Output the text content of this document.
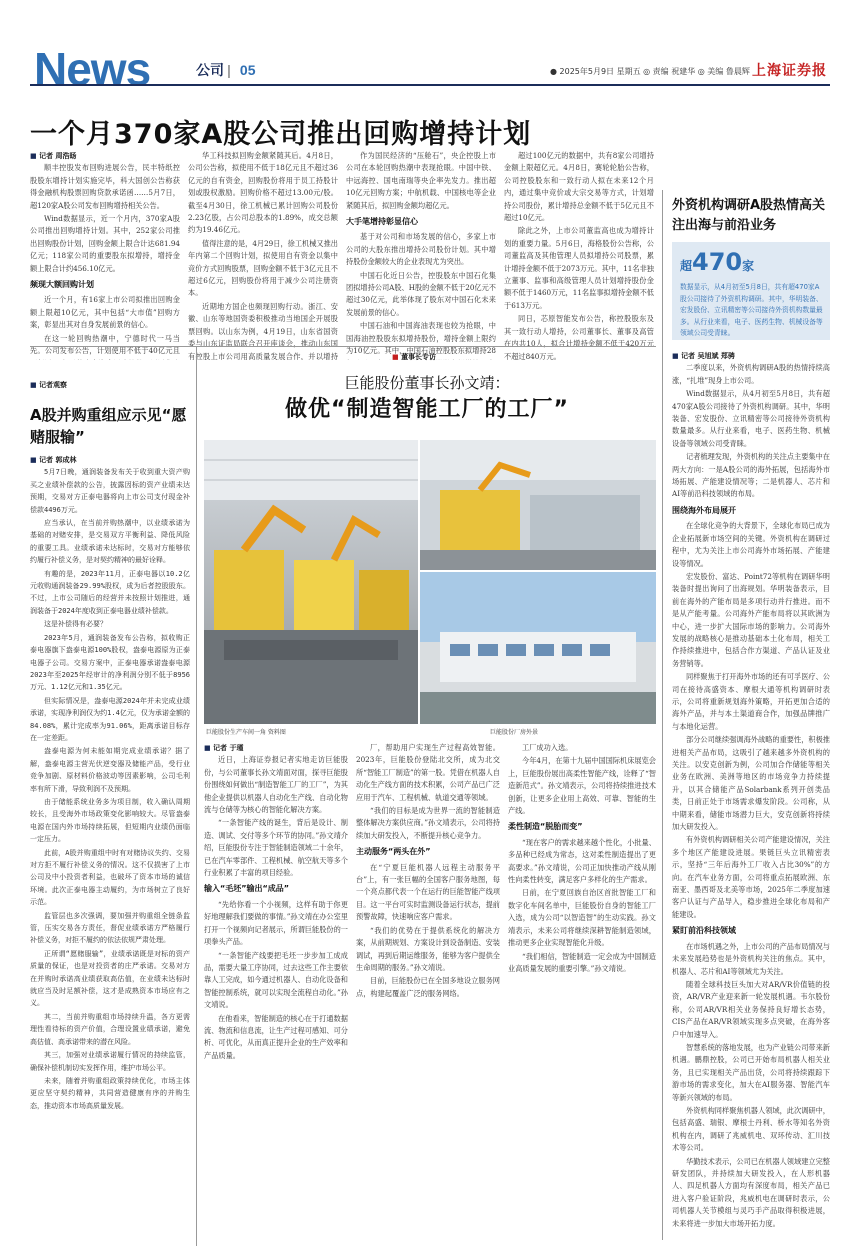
News	公司 | 05	● 2025年5月9日 星期五 ◎ 责编 祝建华 ◎ 美编 鲁晨辉 上海证券报
一个月370家A股公司推出回购增持计划
■ 记者 周浩旸

顺丰控股发布回购进展公告，民丰特纸控股股东增持计划实施完毕，科大国创公告称获得金融机构股票回购贷款承诺函……5月7日，超120家A股公司发布回购增持相关公告。

Wind数据显示，近一个月内，370家A股公司推出回购增持计划。其中，252家公司推出回购股份计划，回购金额上限合计达681.94亿元；118家公司的重要股东拟增持，增持金额上限合计约456.10亿元。

频现大额回购计划

近一个月，有16家上市公司拟推出回购金额上限超10亿元，其中包括“大市值”回购方案，彰显出其对自身发展前景的信心。

在这一轮回购热潮中，宁德时代一马当先。公司发布公告，计划使用不低于40亿元且

华工科技拟回购金额紧随其后。4月8日，公司公告称，拟使用不低于18亿元且不超过36亿元的自有资金，回购股份将用于员工持股计划或股权激励。回购价格不超过13.00元/股。截至4月30日，徐工机械已累计回购公司股份2.23亿股，占公司总股本的1.89%，成交总额约为19.46亿元。

值得注意的是，4月29日，徐工机械又推出年内第二个回购计划，拟使用自有资金以集中竞价方式回购股票，回购金额不低于3亿元且不超过6亿元，回购股份将用于减少公司注册资本。

近期地方国企也频现回购行动。浙江、安徽、山东等地国资委积极推动当地国企开展股票回购。以山东为例，4月19日，山东省国资委与山东证监局联合召开座谈会，推动山东国有控股上市公司用高质量发展合作，并以增持

作为国民经济的“压舱石”，央企控股上市公司在本轮回购热潮中表现抢眼。中国中铁、中远海控、国电南瑞等央企率先发力。推出超10亿元回购方案；中航机载、中国核电等企业紧随其后，拟回购金额均超亿元。

大手笔增持彰显信心

基于对公司和市场发展的信心，多家上市公司的大股东推出增持公司股份计划。其中增持股份金额较大的企业表现尤为突出。

中国石化近日公告，控股股东中国石化集团拟增持公司A股、H股的金额不低于20亿元不超过30亿元，此举体现了股东对中国石化未来发展前景的信心。

中国石油和中国海油表现也较为抢眼，中国海油控股股东拟增持股份，增持金额上限约为10亿元。其中，中国石油控股股东拟增持28

超过100亿元的数据中，共有8家公司增持金额上限超亿元。4月8日，赛轮轮胎公告称，公司控股股东和一致行动人拟在未来12个月内，通过集中竞价或大宗交易等方式，计划增持公司股份，累计增持总金额不低于5亿元且不超过10亿元。

除此之外，上市公司董监高也成为增持计划的重要力量。5月6日，海格股份公告称，公司董监高及其他管理人员拟增持公司股票，累计增持金额不低于2073万元。其中，11名非独立董事、监事和高级管理人员计划增持股份金额不低于1460万元，11名监事拟增持金额不低于613万元。

同日，芯原智能发布公告，称控股股东及其一致行动人增持，公司董事长、董事及高管在内共10人，拟合计增持金额不低于420万元不超过840万元。

外资机构调研A股热情高关注出海与前沿业务
超470家
数据显示，从4月初至5月8日，共有超470家A股公司接待了外资机构调研。其中，华明装备、宏发股份、立讯精密等公司接待外资机构数量最多。从行业来看，电子、医药生物、机械设备等领域公司受青睐。
■ 记者 吴旭斌 郑骋

二季度以来，外资机构调研A股的热情持续高涨，“扎堆”现身上市公司。

Wind数据显示，从4月初至5月8日，共有超470家A股公司接待了外资机构调研。其中，华明装备、宏发股份、立讯精密等公司接待外资机构数量最多。从行业来看，电子、医药生物、机械设备等领域公司受青睐。

记者梳理发现，外资机构的关注点主要集中在两大方向：一是A股公司的海外拓展，包括海外市场拓展、产能建设情况等；二是机器人、芯片和AI等前沿科技领域的布局。

围绕海外布局展开

在全球化竞争的大背景下，全球化布局已成为企业拓展新市场空间的关键。外资机构在调研过程中，尤为关注上市公司海外市场拓展、产能建设等情况。

宏发股份、富达、Point72等机构在调研华明装备时提出询问了出海规划。华明装备表示，目前在海外的产能布局是多项行动并行推进。而不是从产能考量。公司海外产能布局将以其欧洲为中心，进一步扩大国际市场的影响力。公司海外发展的战略核心是推动基础本土化布局，相关工作持续推进中，包括合作方渠道、产品认证及业务营销等。

同样聚焦于打开海外市场的还有可孚医疗、公司在接待高盛资本、摩根大通等机构调研时表示，公司将重新规划海外策略，开拓更加合适的海外产品，并与本土渠道商合作，加强品牌推广与本地化运营。

部分公司继续强调海外战略的重要性，积极推进相关产品布局，这吸引了越来越多外资机构的关注。以安克创新为例，公司加合作储能等相关业务在欧洲、美洲等地区的市场竞争力持续提升，以其合储能产品Solarbank系列开创类品类，日前正处于市场需求爆发阶段。公司称，从中期来看，储能市场潜力巨大，安克创新将持续加大研发投入。

有外资机构调研相关公司产能建设情况，关注多个地区产能建设进展。果链巨头立讯精密表示，坚持“三年后海外工厂收入占比30%”的方向。在汽车业务方面，公司将重点拓展欧洲、东南亚、墨西哥及北美等市场，2025年二季度加速客户认证与产品导入，稳步推进全球化布局和产能建设。

紧盯前沿科技领域

在市场机遇之外，上市公司的产品布局情况与未来发展趋势也是外资机构关注的焦点。其中，机器人、芯片和AI等领域尤为关注。

随着全球科技巨头加大对AR/VR价值链的投资，AR/VR产业迎来新一轮发展机遇。韦尔股份称，公司AR/VR相关业务保持良好增长态势，CIS产品在AR/VR领域实现多点突破，在海外客户中加速导入。

智慧系统的落地发展，也为产业链公司带来新机遇。鹏鼎控股，公司已开始布局机器人相关业务，且已实现相关产品出货，公司将持续跟踪下游市场的需求变化，加大在AI服务器、智能汽车等新兴领域的布局。

外资机构同样聚焦机器人领域，此次调研中，包括高盛、瑞银、摩根士丹利、桥水等知名外资机构在内，调研了兆威机电、双环传动、汇川技术等公司。

华勤技术表示，公司已在机器人领域建立完整研发团队，并持续加大研发投入，在人形机器人、四足机器人方面均有深度布局，相关产品已进入客户验证阶段，兆威机电在调研时表示，公司机器人关节模组与灵巧手产品取得积极进展，未来将进一步加大市场开拓力度。

■ 记者观察
A股并购重组应示见“愿赌服输”
■ 记者 郭成林

5月7日晚，通润装备发布关于收到重大资产购买之业绩补偿款的公告，披露因标的资产业绩未达预期，交易对方正泰电器将向上市公司支付现金补偿款4496万元。

应当承认，在当前并购热潮中，以业绩承诺为基础的对赌安排，是交易双方平衡利益、降低风险的重要工具。业绩承诺未达标时，交易对方能够依约履行补偿义务，是对契约精神的最好诠释。

有趣的是，2023年11月，正泰电器以10.2亿元收购通润装备29.99%股权，成为后者控股股东。不过，上市公司随后的经营并未按照计划推进，通润装备于2024年度收到正泰电器业绩补偿款。

这是补偿得有必要？

2023年5月，通润装备发布公告称，拟收购正泰电器旗下盎泰电源100%股权，盎泰电源原为正泰电器子公司。交易方案中，正泰电器承诺盎泰电源2023年至2025年经审计的净利润分别不低于8956万元、1.12亿元和1.35亿元。

但实际情况是，盎泰电源2024年并未完成业绩承诺，实现净利润仅为约1.4亿元，仅为承诺金额的84.08%，累计完成率为91.06%，距离承诺目标存在一定差距。

盎泰电源为何未能如期完成业绩承诺？据了解，盎泰电源主营光伏逆变器及储能产品，受行业竞争加剧、原材料价格波动等因素影响，公司毛利率有所下滑，导致利润不及预期。

由于储能系统业务多为项目制，收入确认周期较长，且受海外市场政策变化影响较大。尽管盎泰电源在国内外市场持续拓展，但短期内业绩仍面临一定压力。

此前，A股并购重组中时有对赌协议失约、交易对方拒不履行补偿义务的情况。这不仅损害了上市公司及中小投资者利益，也破坏了资本市场的诚信环境。此次正泰电器主动履约，为市场树立了良好示范。

监管层也多次强调，要加强并购重组全链条监管，压实交易各方责任，督促业绩承诺方严格履行补偿义务，对拒不履约的依法依规严肃处理。

正所谓“愿赌服输”，业绩承诺既是对标的资产质量的保证，也是对投资者的庄严承诺。交易对方在并购时承诺高业绩获取高估值，在业绩未达标时就应当及时足额补偿，这才是成熟资本市场应有之义。

其二，当前并购重组市场持续升温，各方更需理性看待标的资产价值，合理设置业绩承诺，避免高估值、高承诺带来的潜在风险。

其三，加强对业绩承诺履行情况的持续监管，确保补偿机制切实发挥作用，维护市场公平。

未来，随着并购重组政策持续优化，市场主体更应坚守契约精神，共同营造健康有序的并购生态，推动资本市场高质量发展。

■ 董事长专访
巨能股份董事长孙文靖：
做优“制造智能工厂的工厂”
巨能股份生产车间一角 资料图	巨能股份厂房外景
■ 记者 于瑾

近日，上海证券报记者实地走访巨能股份，与公司董事长孙文靖面对面，探寻巨能股份围绕如何做出“制造智能工厂的工厂”，为其他企业提供以机器人自动化生产线、自动化物流与仓储等为核心的智能化解决方案。

“一条智能产线的诞生，背后是设计、制造、调试、交付等多个环节的协同。”孙文靖介绍，巨能股份专注于智能制造领域二十余年，已在汽车零部件、工程机械、航空航天等多个行业积累了丰富的项目经验。

输入“毛坯”输出“成品”

“先给你看一个小视频，这样有助于你更好地理解我们要做的事情。”孙文靖在办公室里打开一个视频向记者展示，所谓巨能股份的一项拳头产品。

“一条智能产线要把毛坯一步步加工成成品，需要大量工序协同，过去这些工作主要依靠人工完成，如今通过机器人、自动化设备和智能控制系统，就可以实现全流程自动化。”孙文靖说。

在他看来，智能制造的核心在于打通数据流、物流和信息流，让生产过程可感知、可分析、可优化，从而真正提升企业的生产效率和产品质量。

厂，帮助用户实现生产过程高效智能。2023年，巨能股份登陆北交所，成为北交所“智能工厂制造”的第一股。凭借在机器人自动化生产线方面的技术积累，公司产品已广泛应用于汽车、工程机械、轨道交通等领域。

“我们的目标是成为世界一流的智能制造整体解决方案供应商。”孙文靖表示，公司将持续加大研发投入，不断提升核心竞争力。

主动服务“两头在外”

在“宁夏巨能机器人远程主动服务平台”上，有一张巨幅的全国客户服务地图，每一个亮点都代表一个在运行的巨能智能产线项目。这一平台可实时监测设备运行状态，提前预警故障，快速响应客户需求。

“我们的优势在于提供系统化的解决方案，从前期规划、方案设计到设备制造、安装调试，再到后期运维服务，能够为客户提供全生命周期的服务。”孙文靖说。

目前，巨能股份已在全国多地设立服务网点，构建起覆盖广泛的服务网络。

工厂成功入选。

今年4月，在第十九届中国国际机床展览会上，巨能股份展出高柔性智能产线，诠释了“智造新范式”。孙文靖表示，公司将持续推进技术创新，让更多企业用上高效、可靠、智能的生产线。

柔性制造“脱胎而变”

“现在客户的需求越来越个性化，小批量、多品种已经成为常态，这对柔性制造提出了更高要求。”孙文靖说，公司正加快推动产线从刚性向柔性转变，满足客户多样化的生产需求。

日前，在宁夏回族自治区首批智能工厂和数字化车间名单中，巨能股份自身的智能工厂入选，成为公司“以智造智”的生动实践。孙文靖表示，未来公司将继续深耕智能制造领域，推动更多企业实现智能化升级。

“我们相信，智能制造一定会成为中国制造业高质量发展的重要引擎。”孙文靖说。
